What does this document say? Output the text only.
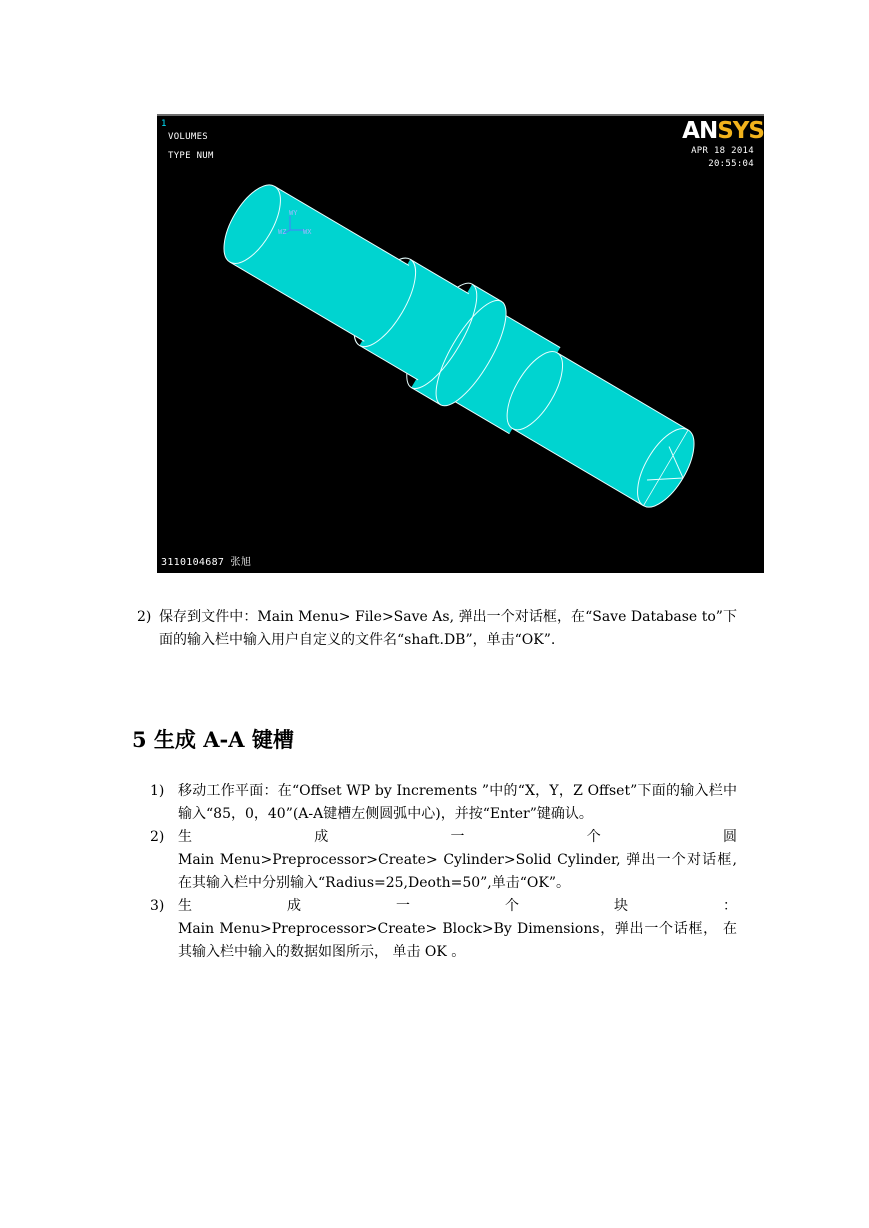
WY
WZ WX
1
VOLUMES
TYPE NUM
ANSYS
APR 18 2014
20:55:04
3110104687 张旭
2) 保存到文件中：Main Menu> File>Save As, 弹出一个对话框，在“Save Database to”下面的输入栏中输入用户自定义的文件名“shaft.DB”，单击“OK”.
5 生成 A-A 键槽
1) 移动工作平面：在“Offset WP by Increments ”中的“X，Y，Z Offset”下面的输入栏中输入“85，0，40”(A-A键槽左侧圆弧中心)，并按“Enter”键确认。
2) 生	成	一	个	圆
Main Menu>Preprocessor>Create> Cylinder>Solid Cylinder, 弹出一个对话框,在其输入栏中分别输入“Radius=25,Deoth=50”,单击“OK”。
3) 生	成	一	个	块	：
Main Menu>Preprocessor>Create> Block>By Dimensions，弹出一个话框， 在其输入栏中输入的数据如图所示， 单击 OK 。
